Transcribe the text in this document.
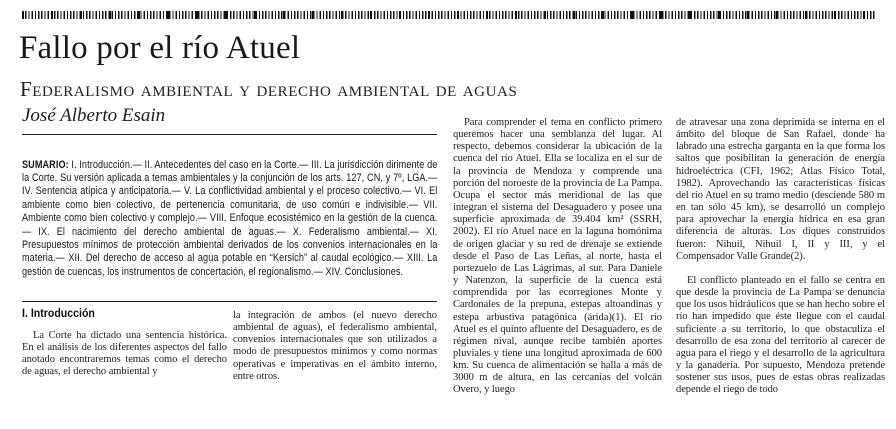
Fallo por el río Atuel
Federalismo ambiental y derecho ambiental de aguas
José Alberto Esain

SUMARIO: I. Introducción.— II. Antecedentes del caso en la Corte.— III. La jurisdicción dirimente de la Corte. Su versión aplicada a temas ambientales y la conjunción de los arts. 127, CN, y 7º, LGA.— IV. Sentencia atípica y anticipatoria.— V. La conflictividad ambiental y el proceso colectivo.— VI. El ambiente como bien colectivo, de pertenencia comunitaria, de uso común e indivisible.— VII. Ambiente como bien colectivo y complejo.— VIII. Enfoque ecosistémico en la gestión de la cuenca.— IX. El nacimiento del derecho ambiental de aguas.— X. Federalismo ambiental.— XI. Presupuestos mínimos de protección ambiental derivados de los convenios internacionales en la materia.— XII. Del derecho de acceso al agua potable en “Kersich” al caudal ecológico.— XIII. La gestión de cuencas, los instrumentos de concertación, el regionalismo.— XIV. Conclusiones.

I. Introducción

La Corte ha dictado una sentencia histórica. En el análisis de los diferentes aspectos del fallo anotado encontraremos temas como el derecho de aguas, el derecho ambiental y

la integración de ambos (el nuevo derecho ambiental de aguas), el federalismo ambiental, convenios internacionales que son utilizados a modo de presupuestos mínimos y como normas operativas e imperativas en el ámbito interno, entre otros.

Para comprender el tema en conflicto primero queremos hacer una semblanza del lugar. Al respecto, debemos considerar la ubicación de la cuenca del río Atuel. Ella se localiza en el sur de la provincia de Mendoza y comprende una porción del noroeste de la provincia de La Pampa. Ocupa el sector más meridional de las que integran el sistema del Desaguadero y posee una superficie aproximada de 39.404 km² (SSRH, 2002). El río Atuel nace en la laguna homónima de origen glaciar y su red de drenaje se extiende desde el Paso de Las Leñas, al norte, hasta el portezuelo de Las Lágrimas, al sur. Para Daniele y Natenzon, la superficie de la cuenca está comprendida por las ecorregiones Monte y Cardonales de la prepuna, estepas altoandinas y estepa arbustiva patagónica (árida)(1). El río Atuel es el quinto afluente del Desaguadero, es de régimen nival, aunque recibe también aportes pluviales y tiene una longitud aproximada de 600 km. Su cuenca de alimentación se halla a más de 3000 m de altura, en las cercanías del volcán Overo, y luego

de atravesar una zona deprimida se interna en el ámbito del bloque de San Rafael, donde ha labrado una estrecha garganta en la que forma los saltos que posibilitan la generación de energía hidroeléctrica (CFI, 1962; Atlas Físico Total, 1982). Aprovechando las características físicas del río Atuel en su tramo medio (desciende 580 m en tan sólo 45 km), se desarrolló un complejo para aprovechar la energía hídrica en esa gran diferencia de alturas. Los diques construidos fueron: Nihuil, Nihuil I, II y III, y el Compensador Valle Grande(2).

El conflicto planteado en el fallo se centra en que desde la provincia de La Pampa se denuncia que los usos hidráulicos que se han hecho sobre el río han impedido que éste llegue con el caudal suficiente a su territorio, lo que obstaculiza el desarrollo de esa zona del territorio al carecer de agua para el riego y el desarrollo de la agricultura y la ganadería. Por supuesto, Mendoza pretende sostener sus usos, pues de estas obras realizadas depende el riego de todo
